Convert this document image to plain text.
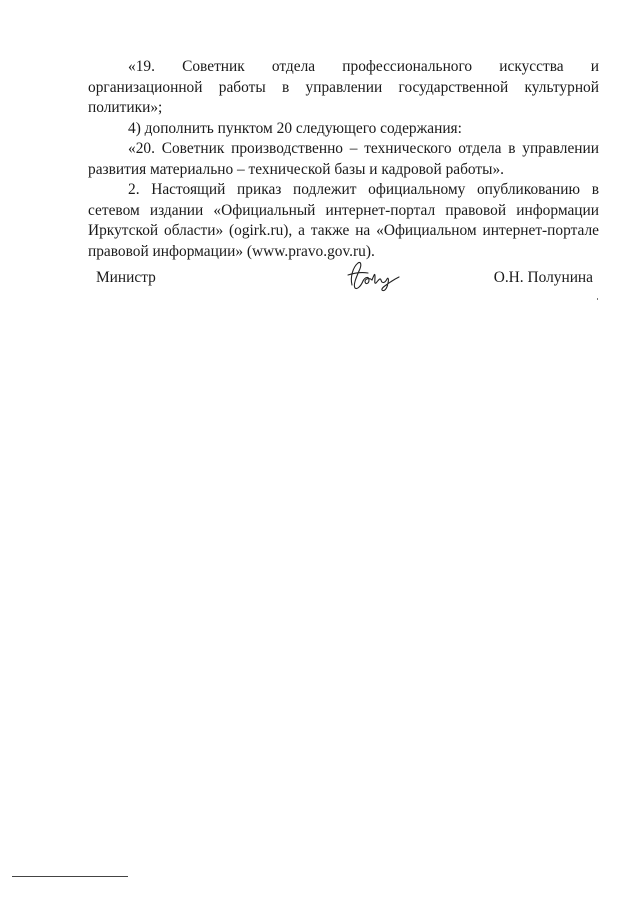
«19. Советник отдела профессионального искусства и организационной работы в управлении государственной культурной политики»;

4) дополнить пунктом 20 следующего содержания:

«20. Советник производственно – технического отдела в управлении развития материально – технической базы и кадровой работы».

2. Настоящий приказ подлежит официальному опубликованию в сетевом издании «Официальный интернет-портал правовой информации Иркутской области» (ogirk.ru), а также на «Официальном интернет-портале правовой информации» (www.pravo.gov.ru).

Министр	О.Н. Полунина
